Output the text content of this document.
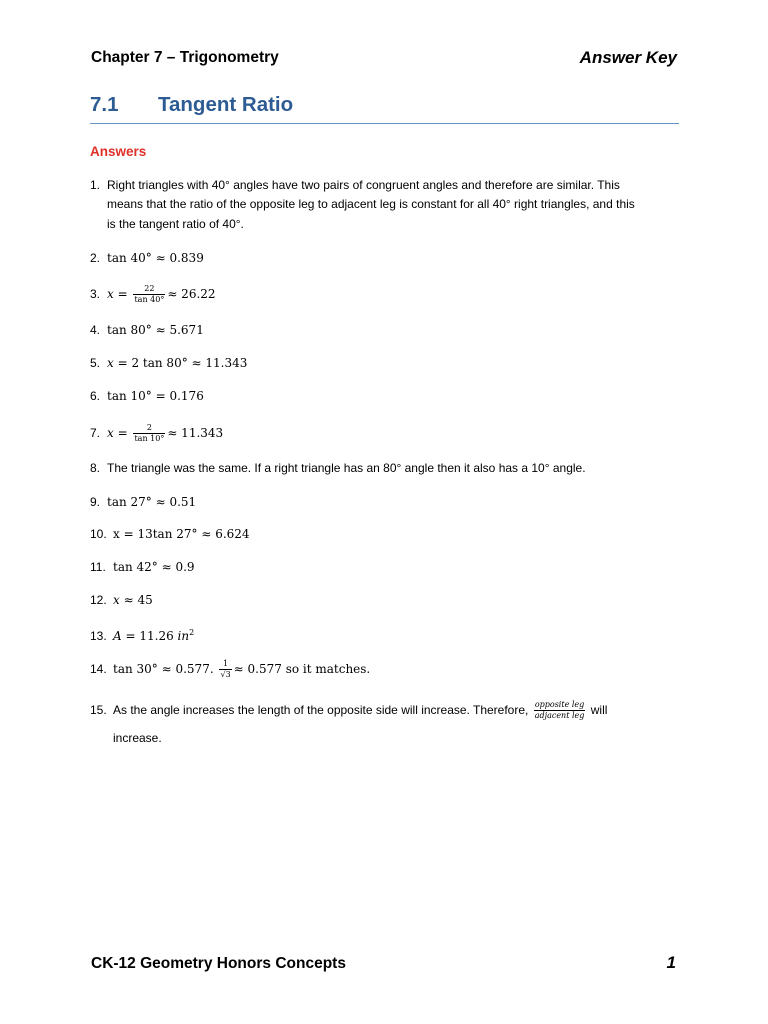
Chapter 7 – Trigonometry	Answer Key
7.1 Tangent Ratio
Answers
1. Right triangles with 40° angles have two pairs of congruent angles and therefore are similar. This
means that the ratio of the opposite leg to adjacent leg is constant for all 40° right triangles, and this
is the tangent ratio of 40°.
2. tan 40° ≈ 0.839
3. $x = \frac{22}{\tan 40^\circ} \approx 26.22$
4. tan 80° ≈ 5.671
5. x = 2 tan 80° ≈ 11.343
6. tan 10° = 0.176
7. $x = \frac{2}{\tan 10^\circ} \approx 11.343$
8. The triangle was the same. If a right triangle has an 80° angle then it also has a 10° angle.
9. tan 27° ≈ 0.51
10. x = 13tan 27° ≈ 6.624
11. tan 42° ≈ 0.9
12. x ≈ 45
13. A = 11.26 $in^2$
14. tan 30° ≈ 0.577. $\frac{1}{√3} \approx 0.577$ so it matches.
15. As the angle increases the length of the opposite side will increase. Therefore, $\frac{\text{opposite leg}}{\text{adjacent leg}}$ will
increase.
CK-12 Geometry Honors Concepts	1
